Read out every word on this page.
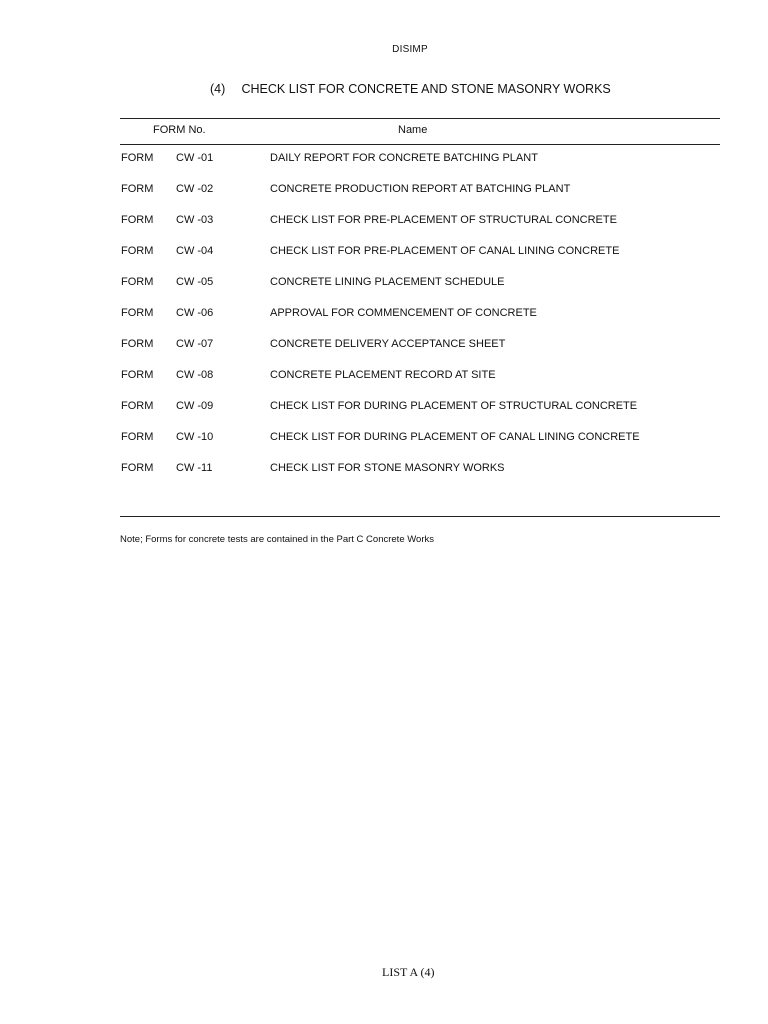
DISIMP
(4) CHECK LIST FOR CONCRETE AND STONE MASONRY WORKS
FORM No.	Name
FORM CW -01	DAILY REPORT FOR CONCRETE BATCHING PLANT
FORM CW -02	CONCRETE PRODUCTION REPORT AT BATCHING PLANT
FORM CW -03	CHECK LIST FOR PRE-PLACEMENT OF STRUCTURAL CONCRETE
FORM CW -04	CHECK LIST FOR PRE-PLACEMENT OF CANAL LINING CONCRETE
FORM CW -05	CONCRETE LINING PLACEMENT SCHEDULE
FORM CW -06	APPROVAL FOR COMMENCEMENT OF CONCRETE
FORM CW -07	CONCRETE DELIVERY ACCEPTANCE SHEET
FORM CW -08	CONCRETE PLACEMENT RECORD AT SITE
FORM CW -09	CHECK LIST FOR DURING PLACEMENT OF STRUCTURAL CONCRETE
FORM CW -10	CHECK LIST FOR DURING PLACEMENT OF CANAL LINING CONCRETE
FORM CW -11	CHECK LIST FOR STONE MASONRY WORKS
Note; Forms for concrete tests are contained in the Part C Concrete Works
LIST A (4)
